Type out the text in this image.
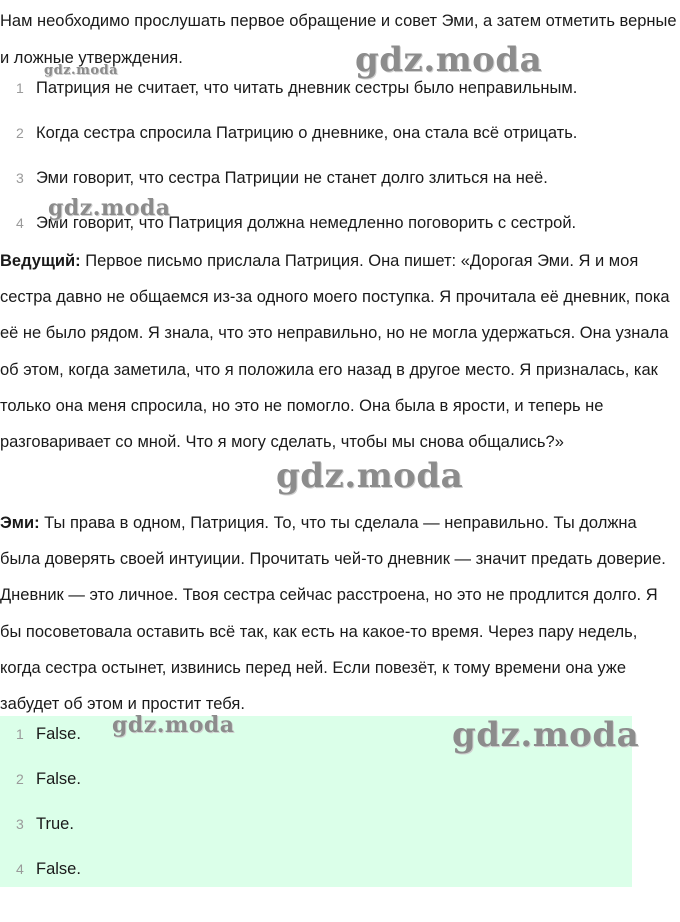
Нам необходимо прослушать первое обращение и совет Эми, а затем отметить верные и ложные утверждения.

1 Патриция не считает, что читать дневник сестры было неправильным.
2 Когда сестра спросила Патрицию о дневнике, она стала всё отрицать.
3 Эми говорит, что сестра Патриции не станет долго злиться на неё.
4 Эми говорит, что Патриция должна немедленно поговорить с сестрой.

Ведущий: Первое письмо прислала Патриция. Она пишет: «Дорогая Эми. Я и моя сестра давно не общаемся из-за одного моего поступка. Я прочитала её дневник, пока её не было рядом. Я знала, что это неправильно, но не могла удержаться. Она узнала об этом, когда заметила, что я положила его назад в другое место. Я призналась, как только она меня спросила, но это не помогло. Она была в ярости, и теперь не разговаривает со мной. Что я могу сделать, чтобы мы снова общались?»

Эми: Ты права в одном, Патриция. То, что ты сделала — неправильно. Ты должна была доверять своей интуиции. Прочитать чей-то дневник — значит предать доверие. Дневник — это личное. Твоя сестра сейчас расстроена, но это не продлится долго. Я бы посоветовала оставить всё так, как есть на какое-то время. Через пару недель, когда сестра остынет, извинись перед ней. Если повезёт, к тому времени она уже забудет об этом и простит тебя.

1 False.
2 False.
3 True.
4 False.
gdz.moda
gdz.moda
gdz.moda
gdz.moda
gdz.moda	gdz.moda
